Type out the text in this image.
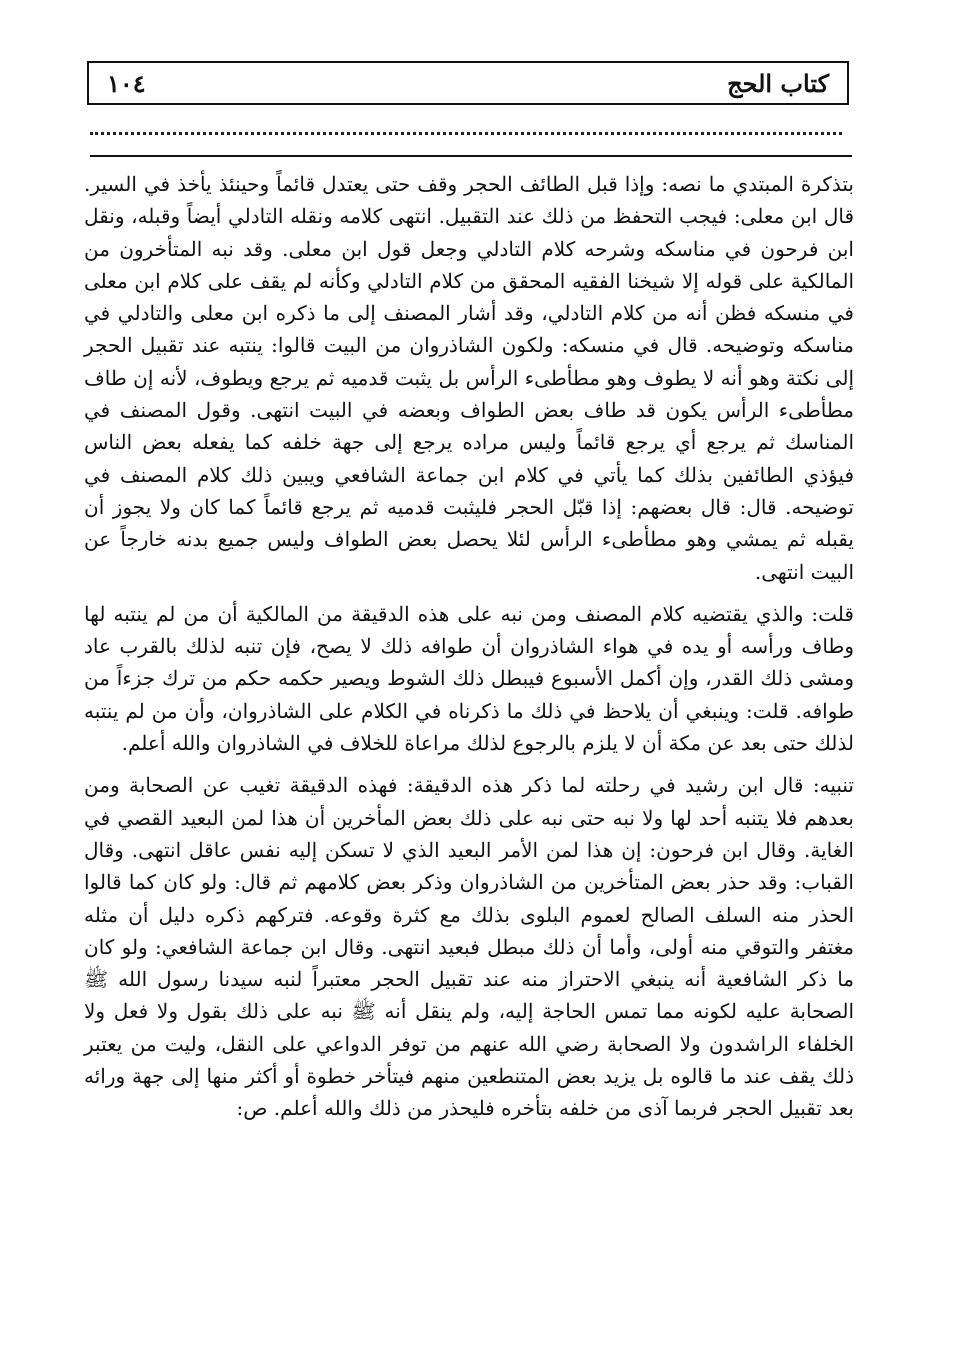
كتاب الحج
١٠٤

بتذكرة المبتدي ما نصه: وإذا قبل الطائف الحجر وقف حتى يعتدل قائماً وحينئذ يأخذ في السير. قال ابن معلى: فيجب التحفظ من ذلك عند التقبيل. انتهى كلامه ونقله التادلي أيضاً وقبله، ونقل ابن فرحون في مناسكه وشرحه كلام التادلي وجعل قول ابن معلى. وقد نبه المتأخرون من المالكية على قوله إلا شيخنا الفقيه المحقق من كلام التادلي وكأنه لم يقف على كلام ابن معلى في منسكه فظن أنه من كلام التادلي، وقد أشار المصنف إلى ما ذكره ابن معلى والتادلي في مناسكه وتوضيحه. قال في منسكه: ولكون الشاذروان من البيت قالوا: ينتبه عند تقبيل الحجر إلى نكتة وهو أنه لا يطوف وهو مطأطىء الرأس بل يثبت قدميه ثم يرجع ويطوف، لأنه إن طاف مطأطىء الرأس يكون قد طاف بعض الطواف وبعضه في البيت انتهى. وقول المصنف في المناسك ثم يرجع أي يرجع قائماً وليس مراده يرجع إلى جهة خلفه كما يفعله بعض الناس فيؤذي الطائفين بذلك كما يأتي في كلام ابن جماعة الشافعي ويبين ذلك كلام المصنف في توضيحه. قال: قال بعضهم: إذا قبّل الحجر فليثبت قدميه ثم يرجع قائماً كما كان ولا يجوز أن يقبله ثم يمشي وهو مطأطىء الرأس لئلا يحصل بعض الطواف وليس جميع بدنه خارجاً عن البيت انتهى.

قلت: والذي يقتضيه كلام المصنف ومن نبه على هذه الدقيقة من المالكية أن من لم ينتبه لها وطاف ورأسه أو يده في هواء الشاذروان أن طوافه ذلك لا يصح، فإن تنبه لذلك بالقرب عاد ومشى ذلك القدر، وإن أكمل الأسبوع فيبطل ذلك الشوط ويصير حكمه حكم من ترك جزءاً من طوافه. قلت: وينبغي أن يلاحظ في ذلك ما ذكرناه في الكلام على الشاذروان، وأن من لم ينتبه لذلك حتى بعد عن مكة أن لا يلزم بالرجوع لذلك مراعاة للخلاف في الشاذروان والله أعلم.

تنبيه: قال ابن رشيد في رحلته لما ذكر هذه الدقيقة: فهذه الدقيقة تغيب عن الصحابة ومن بعدهم فلا يتنبه أحد لها ولا نبه حتى نبه على ذلك بعض المأخرين أن هذا لمن البعيد القصي في الغاية. وقال ابن فرحون: إن هذا لمن الأمر البعيد الذي لا تسكن إليه نفس عاقل انتهى. وقال القباب: وقد حذر بعض المتأخرين من الشاذروان وذكر بعض كلامهم ثم قال: ولو كان كما قالوا الحذر منه السلف الصالح لعموم البلوى بذلك مع كثرة وقوعه. فتركهم ذكره دليل أن مثله مغتفر والتوقي منه أولى، وأما أن ذلك مبطل فبعيد انتهى. وقال ابن جماعة الشافعي: ولو كان ما ذكر الشافعية أنه ينبغي الاحتراز منه عند تقبيل الحجر معتبراً لنبه سيدنا رسول الله ﷺ الصحابة عليه لكونه مما تمس الحاجة إليه، ولم ينقل أنه ﷺ نبه على ذلك بقول ولا فعل ولا الخلفاء الراشدون ولا الصحابة رضي الله عنهم من توفر الدواعي على النقل، وليت من يعتبر ذلك يقف عند ما قالوه بل يزيد بعض المتنطعين منهم فيتأخر خطوة أو أكثر منها إلى جهة ورائه بعد تقبيل الحجر فربما آذى من خلفه بتأخره فليحذر من ذلك والله أعلم. ص:
